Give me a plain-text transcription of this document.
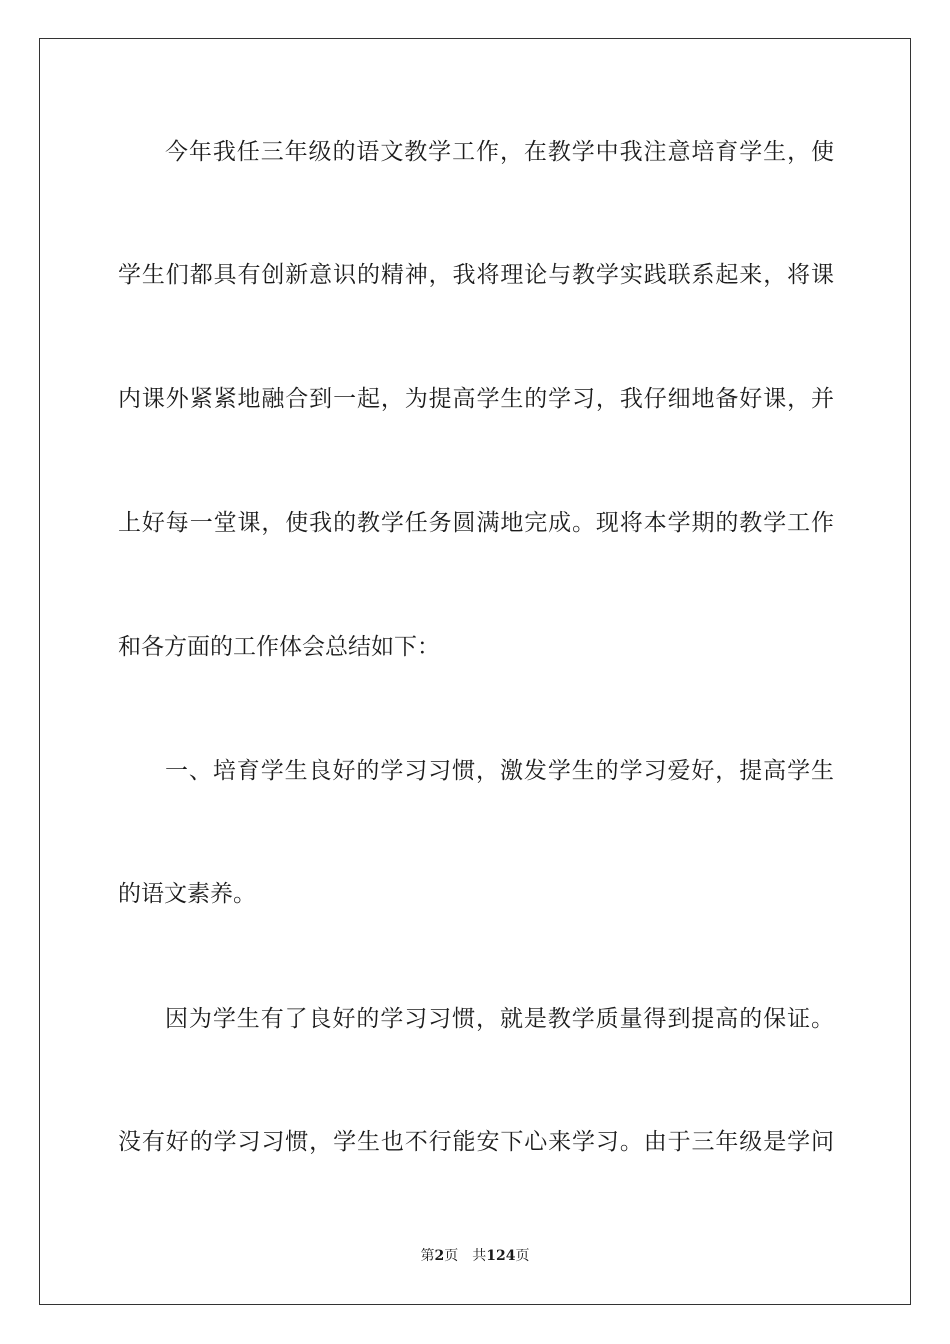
今年我任三年级的语文教学工作，在教学中我注意培育学生，使
学生们都具有创新意识的精神，我将理论与教学实践联系起来，将课
内课外紧紧地融合到一起，为提高学生的学习，我仔细地备好课，并
上好每一堂课，使我的教学任务圆满地完成。现将本学期的教学工作
和各方面的工作体会总结如下：
一、培育学生良好的学习习惯，激发学生的学习爱好，提高学生
的语文素养。
因为学生有了良好的学习习惯，就是教学质量得到提高的保证。
没有好的学习习惯，学生也不行能安下心来学习。由于三年级是学问
第2页 共124页
